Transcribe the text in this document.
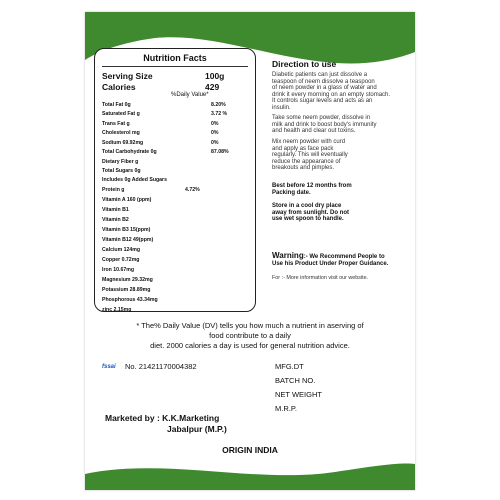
Nutrition Facts
Serving Size	100g
Calories	429
%Daily Value*
Total Fat 0g	8.20%
Saturated Fat g	3.72 %
Trans Fat g	0%
Cholesterol mg	0%
Sodium 69.92mg	0%
Total Carbohydrate 0g	87.08%
Dietary Fiber g
Total Sugars 0g
Includes 0g Added Sugars
Protein g	4.72%
Vitamin A 160 (ppm)
Vitamin B1
Vitamin B2
Vitamin B3 15(ppm)
Vitamin B12 49(ppm)
Calcium 124mg
Copper 0.72mg
Iron 10.67mg
Magnesium 29.32mg
Potassium 28.89mg
Phosphorous 43.34mg
zinc 2.15mg
Direction to use
Diabetic patients can just dissolve a
teaspoon of neem dissolve a teaspoon
of neem powder in a glass of water and
drink it every morning on an empty stomach.
It controls sugar levels and acts as an
insulin.
Take some neem powder, dissolve in
milk and drink to boost body's immunity
and health and clear out toxins.
Mix neem powder with curd
and apply as face pack
regularly. This will eventually
reduce the appearance of
breakouts and pimples.
Best before 12 months from
Packing date.
Store in a cool dry place
away from sunlight. Do not
use wet spoon to handle.
Warning:- We Recommend People to
Use his Product Under Proper Guidance.
For :- More information visit our website.
* The% Daily Value (DV) tells you how much a nutrient in aserving of
food contribute to a daily
diet. 2000 calories a day is used for general nutrition advice.
fssai No. 21421170004382	MFG.DT
BATCH NO.
NET WEIGHT
M.R.P.
Marketed by : K.K.Marketing
Jabalpur (M.P.)
ORIGIN INDIA
